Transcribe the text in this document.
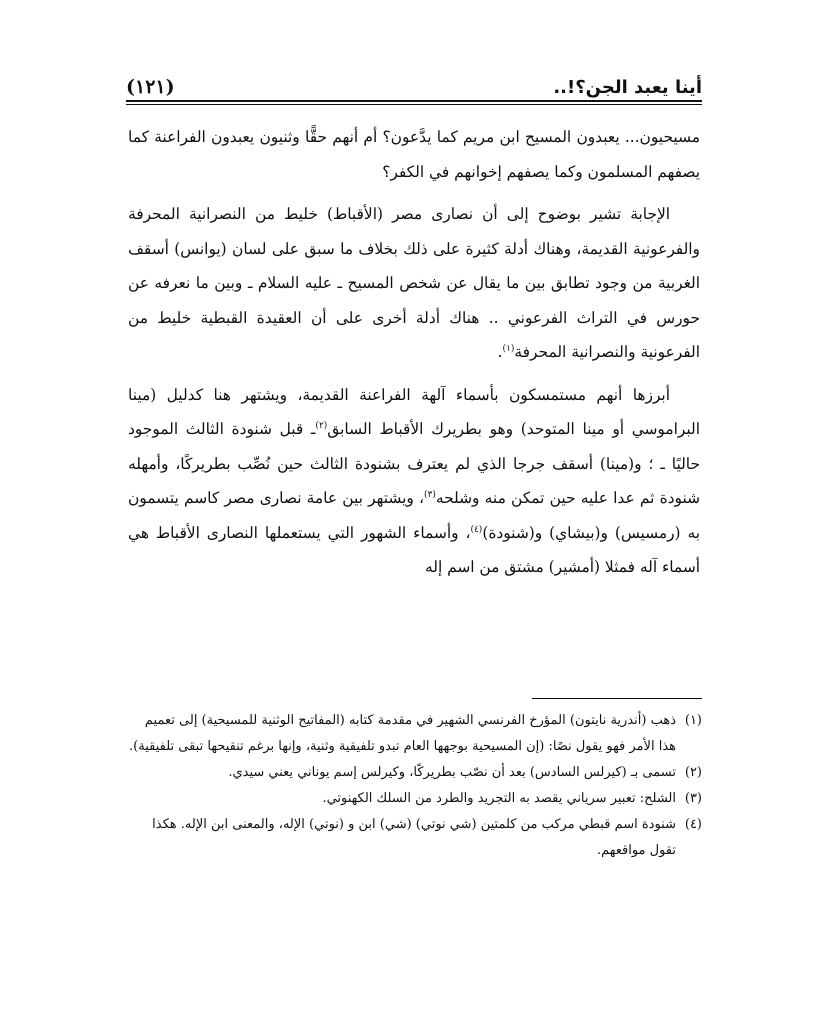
أينا يعبد الجن؟!..
(١٢١)

مسيحيون... يعبدون المسيح ابن مريم كما يدَّعون؟ أم أنهم حقًّا وثنيون يعبدون الفراعنة كما يصفهم المسلمون وكما يصفهم إخوانهم في الكفر؟

الإجابة تشير بوضوح إلى أن نصارى مصر (الأقباط) خليط من النصرانية المحرفة والفرعونية القديمة، وهناك أدلة كثيرة على ذلك بخلاف ما سبق على لسان (يوانس) أسقف الغربية من وجود تطابق بين ما يقال عن شخص المسيح ـ عليه السلام ـ وبين ما نعرفه عن حورس في التراث الفرعوني .. هناك أدلة أخرى على أن العقيدة القبطية خليط من الفرعونية والنصرانية المحرفة$^{(١)}$.

أبرزها أنهم مستمسكون بأسماء آلهة الفراعنة القديمة، ويشتهر هنا كدليل (مينا البراموسي أو مينا المتوحد) وهو بطريرك الأقباط السابق$^{(٢)}$ـ قبل شنودة الثالث الموجود حاليًا ـ ؛ و(مينا) أسقف جرجا الذي لم يعترف بشنودة الثالث حين نُصِّب بطريركًا، وأمهله شنودة ثم عدا عليه حين تمكن منه وشلحه$^{(٣)}$، ويشتهر بين عامة نصارى مصر كاسم يتسمون به (رمسيس) و(بيشاي) و(شنودة)$^{(٤)}$، وأسماء الشهور التي يستعملها النصارى الأقباط هي أسماء آله فمثلا (أمشير) مشتق من اسم إله

(١)ذهب (أندرية نايتون) المؤرخ الفرنسي الشهير في مقدمة كتابه (المفاتيح الوثنية للمسيحية) إلى تعميم هذا الأمر فهو يقول نصًا: (إن المسيحية بوجهها العام تبدو تلفيقية وثنية، وإنها برغم تنقيحها تبقى تلفيقية).

(٢)تسمى بـ (كيرلس السادس) بعد أن نصّب بطريركًا، وكيرلس إسم يوناني يعني سيدي.

(٣)الشلح: تعبير سرياني يقصد به التجريد والطرد من السلك الكهنوتي.

(٤)شنودة اسم قبطي مركب من كلمتين (شي نوتي) (شي) ابن و (نوتي) الإله، والمعنى ابن الإله. هكذا تقول مواقعهم.
